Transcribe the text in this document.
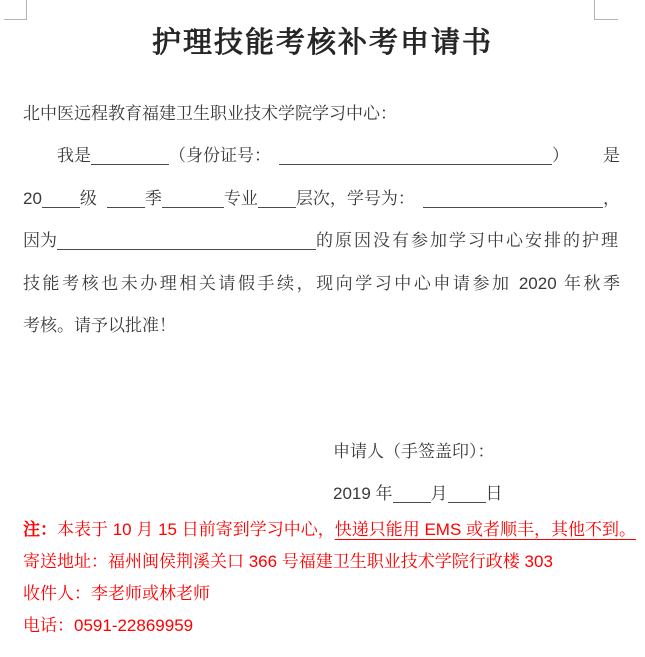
护理技能考核补考申请书
北中医远程教育福建卫生职业技术学院学习中心：
我是	（身份证号：	） 是
20 级	季	专业 层次，学号为：	，
因为	的原因没有参加学习中心安排的护理
技能考核也未办理相关请假手续，现向学习中心申请参加 2020 年秋季
考核。请予以批准！
申请人（手签盖印）：
2019 年 月 日
注：本表于 10 月 15 日前寄到学习中心，快递只能用 EMS 或者顺丰，其他不到。
寄送地址：福州闽侯荆溪关口 366 号福建卫生职业技术学院行政楼 303
收件人：李老师或林老师
电话：0591-22869959
